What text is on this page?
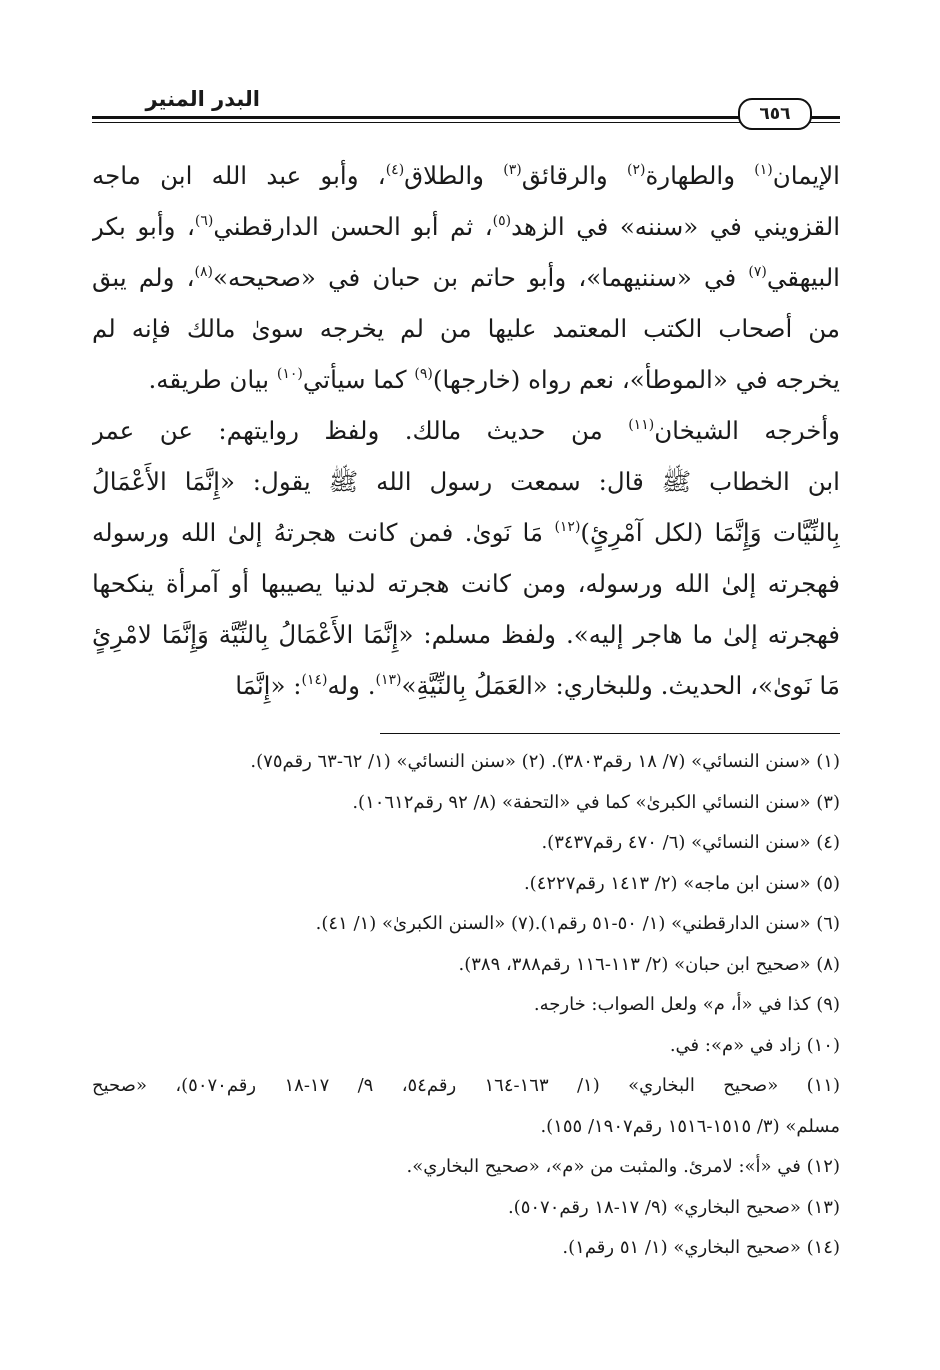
البدر المنير
٦٥٦
الإيمان$^{(١)}$ والطهارة$^{(٢)}$ والرقائق$^{(٣)}$ والطلاق$^{(٤)}$، وأبو عبد الله ابن ماجه
القزويني في «سننه» في الزهد$^{(٥)}$، ثم أبو الحسن الدارقطني$^{(٦)}$، وأبو بكر
البيهقي$^{(٧)}$ في «سننيهما»، وأبو حاتم بن حبان في «صحيحه»$^{(٨)}$، ولم يبق
من أصحاب الكتب المعتمد عليها من لم يخرجه سوىٰ مالك فإنه لم
يخرجه في «الموطأ»، نعم رواه (خارجها)$^{(٩)}$ كما سيأتي$^{(١٠)}$ بيان طريقه.
وأخرجه الشيخان$^{(١١)}$ من حديث مالك. ولفظ روايتهم: عن عمر
ابن الخطاب ﷺ قال: سمعت رسول الله ﷺ يقول: «إِنَّمَا الأَعْمَالُ
بِالنِّيَّات وَإِنَّمَا (لكل آمْرِئٍ)$^{(١٢)}$ مَا نَوىٰ. فمن كانت هجرتهُ إلىٰ الله ورسوله
فهجرته إلىٰ الله ورسوله، ومن كانت هجرته لدنيا يصيبها أو آمرأة ينكحها
فهجرته إلىٰ ما هاجر إليه». ولفظ مسلم: «إِنَّمَا الأَعْمَالُ بِالنِّيَّة وَإِنَّمَا لامْرِئٍ
مَا نَوىٰ»، الحديث. وللبخاري: «العَمَلُ بِالنِّيَّةِ»$^{(١٣)}$. وله$^{(١٤)}$: «إِنَّمَا
(١) «سنن النسائي» (٧/ ١٨ رقم٣٨٠٣). (٢) «سنن النسائي» (١/ ٦٢-٦٣ رقم٧٥).
(٣) «سنن النسائي الكبرىٰ» كما في «التحفة» (٨/ ٩٢ رقم١٠٦١٢).
(٤) «سنن النسائي» (٦/ ٤٧٠ رقم٣٤٣٧).
(٥) «سنن ابن ماجه» (٢/ ١٤١٣ رقم٤٢٢٧).
(٦) «سنن الدارقطني» (١/ ٥٠-٥١ رقم١).(٧) «السنن الكبرىٰ» (١/ ٤١).
(٨) «صحيح ابن حبان» (٢/ ١١٣-١١٦ رقم٣٨٨، ٣٨٩).
(٩) كذا في «أ، م» ولعل الصواب: خارجه.
(١٠) زاد في «م»: في.
(١١) «صحيح البخاري» (١/ ١٦٣-١٦٤ رقم٥٤، ٩/ ١٧-١٨ رقم٥٠٧٠)، «صحيح
مسلم» (٣/ ١٥١٥-١٥١٦ رقم١٩٠٧/ ١٥٥).
(١٢) في «أ»: لامرئ. والمثبت من «م»، «صحيح البخاري».
(١٣) «صحيح البخاري» (٩/ ١٧-١٨ رقم٥٠٧٠).
(١٤) «صحيح البخاري» (١/ ٥١ رقم١).
